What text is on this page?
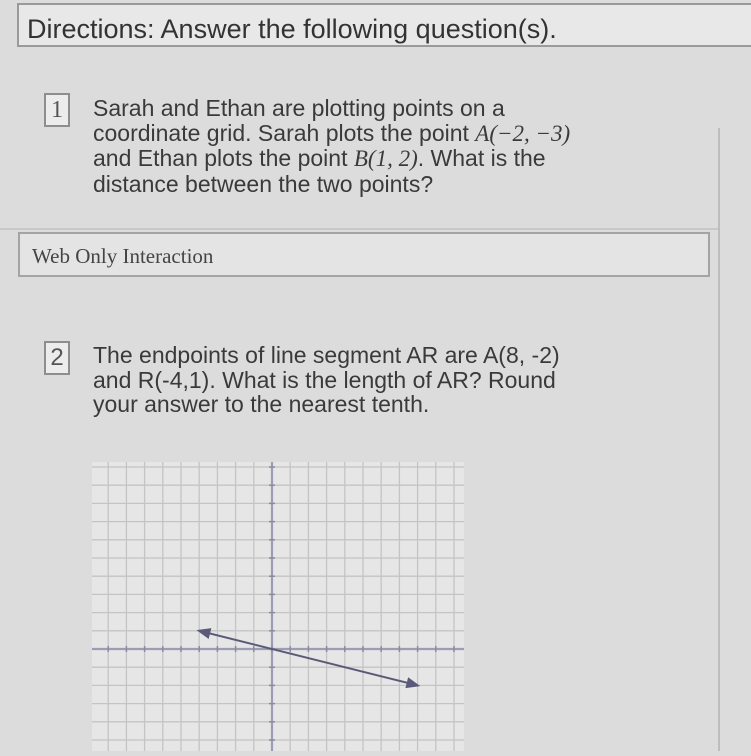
Directions: Answer the following question(s).
1	Sarah and Ethan are plotting points on a
coordinate grid. Sarah plots the point A(−2, −3)
and Ethan plots the point B(1, 2). What is the
distance between the two points?
Web Only Interaction
2 The endpoints of line segment AR are A(8, -2)
and R(-4,1). What is the length of AR? Round
your answer to the nearest tenth.
